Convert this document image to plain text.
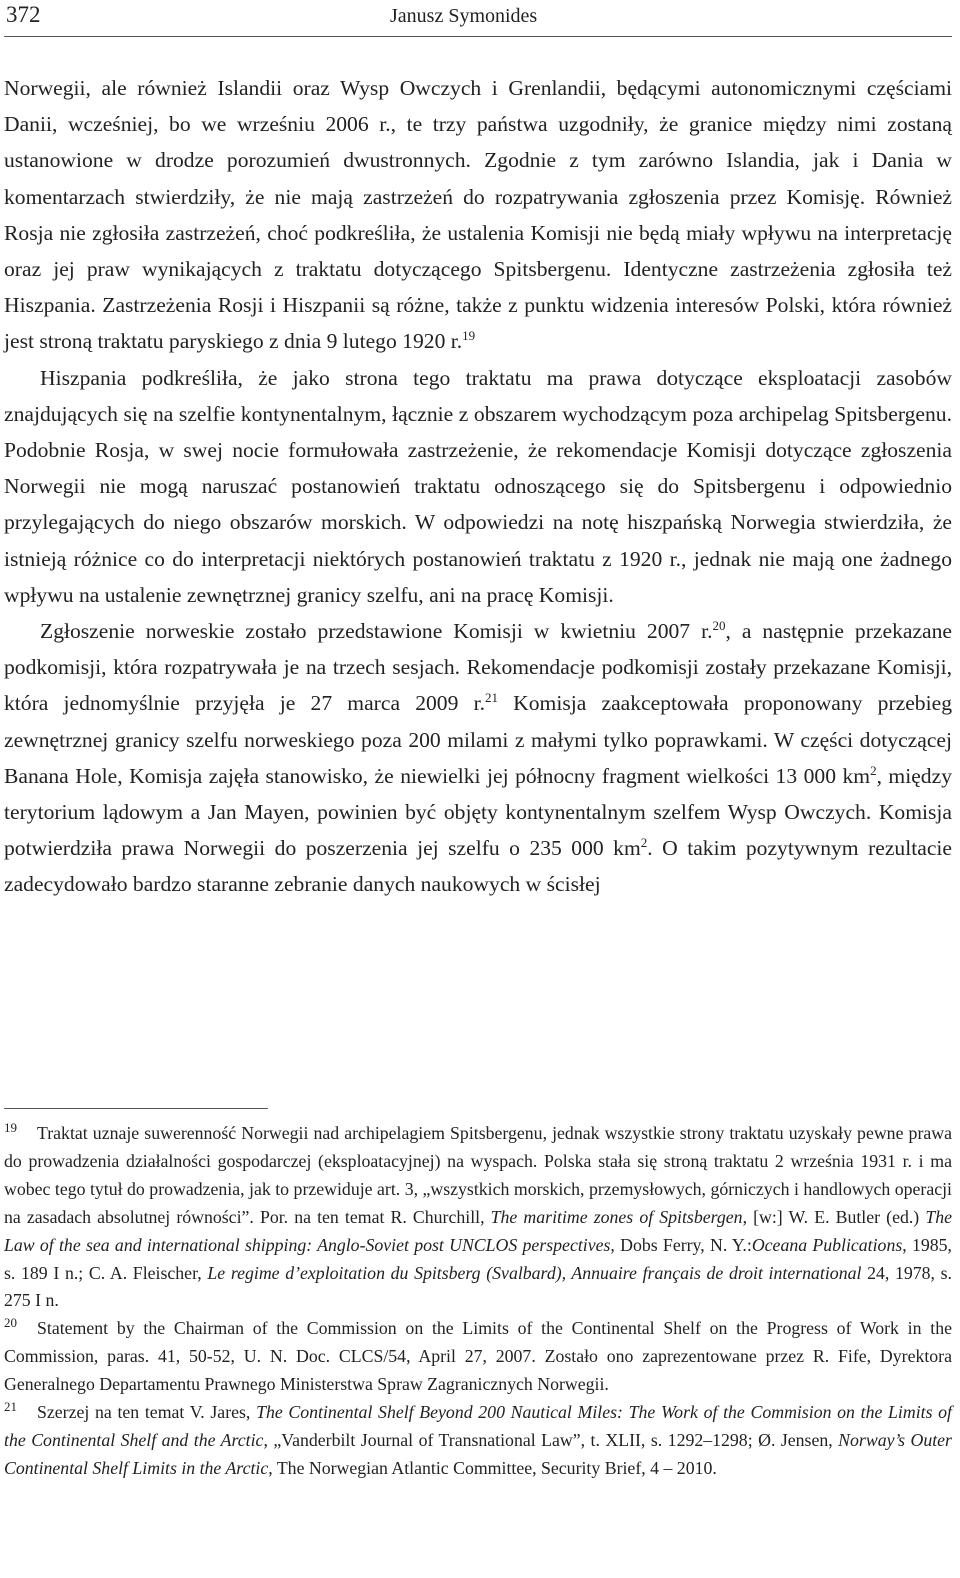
372	Janusz Symonides

Norwegii, ale również Islandii oraz Wysp Owczych i Grenlandii, będącymi autonomicznymi częściami Danii, wcześniej, bo we wrześniu 2006 r., te trzy państwa uzgodniły, że granice między nimi zostaną ustanowione w drodze porozumień dwustronnych. Zgodnie z tym zarówno Islandia, jak i Dania w komentarzach stwierdziły, że nie mają zastrzeżeń do rozpatrywania zgłoszenia przez Komisję. Również Rosja nie zgłosiła zastrzeżeń, choć podkreśliła, że ustalenia Komisji nie będą miały wpływu na interpretację oraz jej praw wynikających z traktatu dotyczącego Spitsbergenu. Identyczne zastrzeżenia zgłosiła też Hiszpania. Zastrzeżenia Rosji i Hiszpanii są różne, także z punktu widzenia interesów Polski, która również jest stroną traktatu paryskiego z dnia 9 lutego 1920 r.$^{19}$

Hiszpania podkreśliła, że jako strona tego traktatu ma prawa dotyczące eksploatacji zasobów znajdujących się na szelfie kontynentalnym, łącznie z obszarem wychodzącym poza archipelag Spitsbergenu. Podobnie Rosja, w swej nocie formułowała zastrzeżenie, że rekomendacje Komisji dotyczące zgłoszenia Norwegii nie mogą naruszać postanowień traktatu odnoszącego się do Spitsbergenu i odpowiednio przylegających do niego obszarów morskich. W odpowiedzi na notę hiszpańską Norwegia stwierdziła, że istnieją różnice co do interpretacji niektórych postanowień traktatu z 1920 r., jednak nie mają one żadnego wpływu na ustalenie zewnętrznej granicy szelfu, ani na pracę Komisji.

Zgłoszenie norweskie zostało przedstawione Komisji w kwietniu 2007 r.$^{20}$, a następnie przekazane podkomisji, która rozpatrywała je na trzech sesjach. Rekomendacje podkomisji zostały przekazane Komisji, która jednomyślnie przyjęła je 27 marca 2009 r.$^{21}$ Komisja zaakceptowała proponowany przebieg zewnętrznej granicy szelfu norweskiego poza 200 milami z małymi tylko poprawkami. W części dotyczącej Banana Hole, Komisja zajęła stanowisko, że niewielki jej północny fragment wielkości 13 000 $km^2$, między terytorium lądowym a Jan Mayen, powinien być objęty kontynentalnym szelfem Wysp Owczych. Komisja potwierdziła prawa Norwegii do poszerzenia jej szelfu o 235 000 $km^2$. O takim pozytywnym rezultacie zadecydowało bardzo staranne zebranie danych naukowych w ścisłej

$^{19}$ Traktat uznaje suwerenność Norwegii nad archipelagiem Spitsbergenu, jednak wszystkie strony traktatu uzyskały pewne prawa do prowadzenia działalności gospodarczej (eksploatacyjnej) na wyspach. Polska stała się stroną traktatu 2 września 1931 r. i ma wobec tego tytuł do prowadzenia, jak to przewiduje art. 3, „wszystkich morskich, przemysłowych, górniczych i handlowych operacji na zasadach absolutnej równości”. Por. na ten temat R. Churchill, The maritime zones of Spitsbergen, [w:] W. E. Butler (ed.) The Law of the sea and international shipping: Anglo-Soviet post UNCLOS perspectives, Dobs Ferry, N. Y.:Oceana Publications, 1985, s. 189 I n.; C. A. Fleischer, Le regime d’exploitation du Spitsberg (Svalbard), Annuaire français de droit international 24, 1978, s. 275 I n.

$^{20}$ Statement by the Chairman of the Commission on the Limits of the Continental Shelf on the Progress of Work in the Commission, paras. 41, 50-52, U. N. Doc. CLCS/54, April 27, 2007. Zostało ono zaprezentowane przez R. Fife, Dyrektora Generalnego Departamentu Prawnego Ministerstwa Spraw Zagranicznych Norwegii.

$^{21}$ Szerzej na ten temat V. Jares, The Continental Shelf Beyond 200 Nautical Miles: The Work of the Commision on the Limits of the Continental Shelf and the Arctic, „Vanderbilt Journal of Transnational Law”, t. XLII, s. 1292–1298; Ø. Jensen, Norway’s Outer Continental Shelf Limits in the Arctic, The Norwegian Atlantic Committee, Security Brief, 4 – 2010.
